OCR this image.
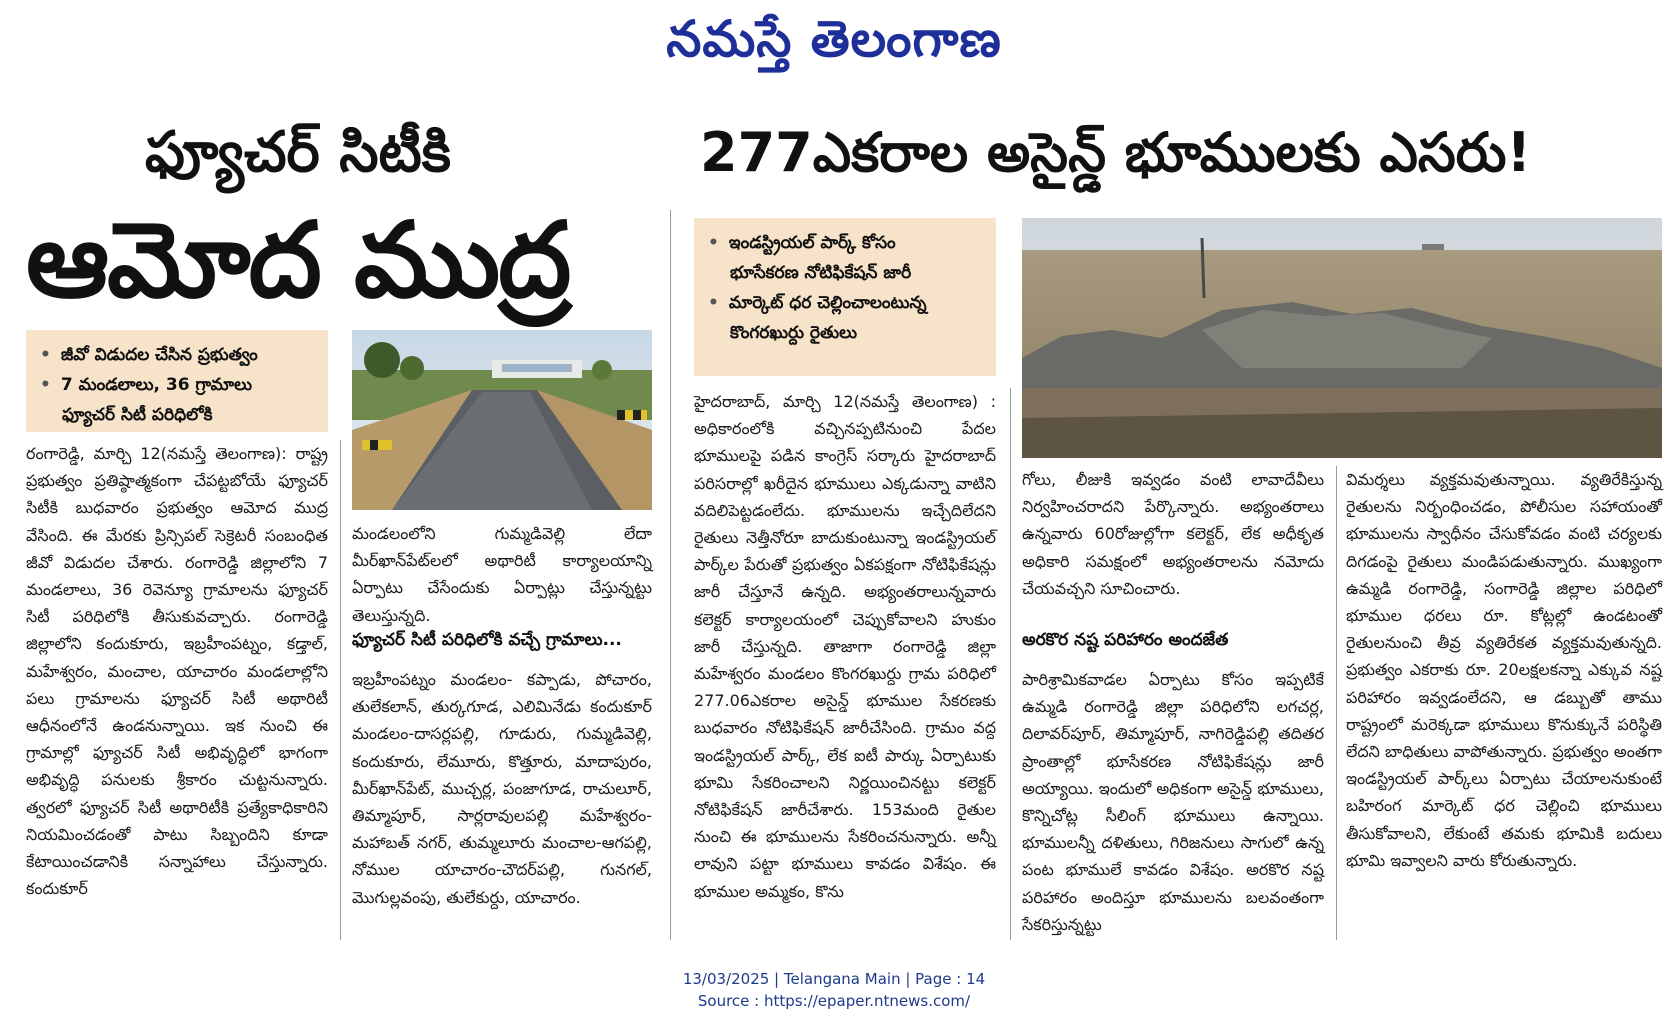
నమస్తే తెలంగాణ
ఫ్యూచర్ సిటీకి
ఆమోద ముద్ర
• జీవో విడుదల చేసిన ప్రభుత్వం
• 7 మండలాలు, 36 గ్రామాలు
ఫ్యూచర్ సిటీ పరిధిలోకి
రంగారెడ్డి, మార్చి 12(నమస్తే తెలంగాణ): రాష్ట్ర ప్రభుత్వం ప్రతిష్ఠాత్మకంగా చేపట్టబోయే ఫ్యూచర్ సిటీకి బుధవారం ప్రభుత్వం ఆమోద ముద్ర వేసింది. ఈ మేరకు ప్రిన్సిపల్ సెక్రెటరీ సంబంధిత జీవో విడుదల చేశారు. రంగారెడ్డి జిల్లాలోని 7 మండలాలు, 36 రెవెన్యూ గ్రామాలను ఫ్యూచర్ సిటీ పరిధిలోకి తీసుకువచ్చారు. రంగారెడ్డి జిల్లాలోని కందుకూరు, ఇబ్రహీంపట్నం, కడ్తాల్, మహేశ్వరం, మంచాల, యాచారం మండలాల్లోని పలు గ్రామాలను ఫ్యూచర్ సిటీ అథారిటీ ఆధీనంలోనే ఉండనున్నాయి. ఇక నుంచి ఈ గ్రామాల్లో ఫ్యూచర్ సిటీ అభివృద్ధిలో భాగంగా అభివృద్ధి పనులకు శ్రీకారం చుట్టనున్నారు. త్వరలో ఫ్యూచర్ సిటీ అథారిటీకి ప్రత్యేకాధికారిని నియమించడంతో పాటు సిబ్బందిని కూడా కేటాయించడానికి సన్నాహాలు చేస్తున్నారు. కందుకూర్
మండలంలోని గుమ్మడివెల్లి లేదా మీర్‌ఖాన్‌పేట్‌లలో అథారిటీ కార్యాలయాన్ని ఏర్పాటు చేసేందుకు ఏర్పాట్లు చేస్తున్నట్టు తెలుస్తున్నది.
ఫ్యూచర్ సిటీ పరిధిలోకి వచ్చే గ్రామాలు...
ఇబ్రహీంపట్నం మండలం- కప్పాడు, పోచారం, తులేకలాన్, తుర్కగూడ, ఎలిమినేడు కందుకూర్ మండలం-దాసర్లపల్లి, గూడురు, గుమ్మడివెల్లి, కందుకూరు, లేమూరు, కొత్తూరు, మాదాపురం, మీర్‌ఖాన్‌పేట్, ముచ్చర్ల, పంజాగూడ, రాచులూర్, తిమ్మాపూర్, సార్లరావులపల్లి మహేశ్వరం- మహాబత్ నగర్, తుమ్మలూరు మంచాల-ఆగపల్లి, నోముల యాచారం-చౌదర్‌పల్లి, గునగల్, మొగుల్లవంపు, తులేకుర్దు, యాచారం.
277ఎకరాల అసైన్డ్ భూములకు ఎసరు!
• ఇండస్ట్రియల్ పార్క్ కోసం
భూసేకరణ నోటిఫికేషన్ జారీ
• మార్కెట్ ధర చెల్లించాలంటున్న
కొంగరఖుర్దు రైతులు
హైదరాబాద్, మార్చి 12(నమస్తే తెలంగాణ) : అధికారంలోకి వచ్చినప్పటినుంచి పేదల భూములపై పడిన కాంగ్రెస్ సర్కారు హైదరాబాద్ పరిసరాల్లో ఖరీదైన భూములు ఎక్కడున్నా వాటిని వదిలిపెట్టడంలేదు. భూములను ఇచ్చేదిలేదని రైతులు నెత్తీనోరూ బాదుకుంటున్నా ఇండస్ట్రియల్ పార్క్‌ల పేరుతో ప్రభుత్వం ఏకపక్షంగా నోటిఫికేషన్లు జారీ చేస్తూనే ఉన్నది. అభ్యంతరాలున్నవారు కలెక్టర్ కార్యాలయంలో చెప్పుకోవాలని హుకుం జారీ చేస్తున్నది. తాజాగా రంగారెడ్డి జిల్లా మహేశ్వరం మండలం కొంగరఖుర్దు గ్రామ పరిధిలో 277.06ఎకరాల అసైన్డ్ భూముల సేకరణకు బుధవారం నోటిఫికేషన్ జారీచేసింది. గ్రామం వద్ద ఇండస్ట్రియల్ పార్క్, లేక ఐటీ పార్కు ఏర్పాటుకు భూమి సేకరించాలని నిర్ణయించినట్టు కలెక్టర్ నోటిఫికేషన్ జారీచేశారు. 153మంది రైతుల నుంచి ఈ భూములను సేకరించనున్నారు. అన్నీ లావుని పట్టా భూములు కావడం విశేషం. ఈ భూముల అమ్మకం, కొను
గోలు, లీజుకి ఇవ్వడం వంటి లావాదేవీలు నిర్వహించరాదని పేర్కొన్నారు. అభ్యంతరాలు ఉన్నవారు 60రోజుల్లోగా కలెక్టర్, లేక అధీకృత అధికారి సమక్షంలో అభ్యంతరాలను నమోదు చేయవచ్చని సూచించారు.
అరకొర నష్ట పరిహారం అందజేత
పారిశ్రామికవాడల ఏర్పాటు కోసం ఇప్పటికే ఉమ్మడి రంగారెడ్డి జిల్లా పరిధిలోని లగచర్ల, దిలావర్‌పూర్, తిమ్మాపూర్, నాగిరెడ్డిపల్లి తదితర ప్రాంతాల్లో భూసేకరణ నోటిఫికేషన్లు జారీ అయ్యాయి. ఇందులో అధికంగా అసైన్డ్ భూములు, కొన్నిచోట్ల సీలింగ్ భూములు ఉన్నాయి. భూములన్నీ దళితులు, గిరిజనులు సాగులో ఉన్న పంట భూములే కావడం విశేషం. అరకొర నష్ట పరిహారం అందిస్తూ భూములను బలవంతంగా సేకరిస్తున్నట్టు
విమర్శలు వ్యక్తమవుతున్నాయి. వ్యతిరేకిస్తున్న రైతులను నిర్బంధించడం, పోలీసుల సహాయంతో భూములను స్వాధీనం చేసుకోవడం వంటి చర్యలకు దిగడంపై రైతులు మండిపడుతున్నారు. ముఖ్యంగా ఉమ్మడి రంగారెడ్డి, సంగారెడ్డి జిల్లాల పరిధిలో భూముల ధరలు రూ. కోట్లల్లో ఉండటంతో రైతులనుంచి తీవ్ర వ్యతిరేకత వ్యక్తమవుతున్నది. ప్రభుత్వం ఎకరాకు రూ. 20లక్షలకన్నా ఎక్కువ నష్ట పరిహారం ఇవ్వడంలేదని, ఆ డబ్బుతో తాము రాష్ట్రంలో మరెక్కడా భూములు కొనుక్కునే పరిస్థితి లేదని బాధితులు వాపోతున్నారు. ప్రభుత్వం అంతగా ఇండస్ట్రియల్ పార్క్‌లు ఏర్పాటు చేయాలనుకుంటే బహిరంగ మార్కెట్ ధర చెల్లించి భూములు తీసుకోవాలని, లేకుంటే తమకు భూమికి బదులు భూమి ఇవ్వాలని వారు కోరుతున్నారు.
13/03/2025 | Telangana Main | Page : 14
Source : https://epaper.ntnews.com/
